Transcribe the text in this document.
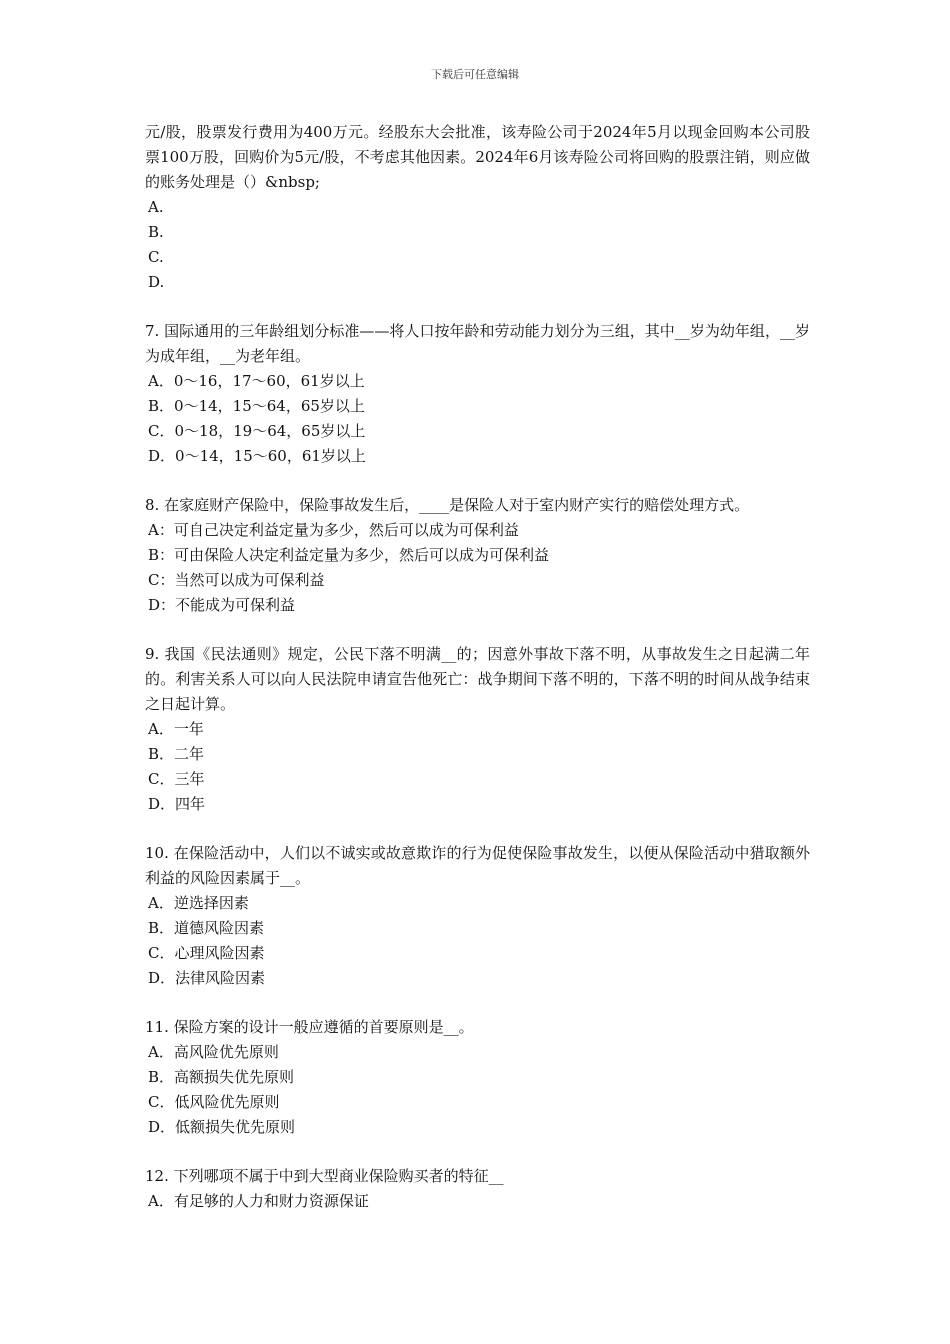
下载后可任意编辑

元/股，股票发行费用为400万元。经股东大会批准，该寿险公司于2024年5月以现金回购本公司股票100万股，回购价为5元/股，不考虑其他因素。2024年6月该寿险公司将回购的股票注销，则应做的账务处理是（）&nbsp;

A.

B.

C.

D.

7. 国际通用的三年龄组划分标准——将人口按年龄和劳动能力划分为三组，其中__岁为幼年组，__岁为成年组，__为老年组。

A．0～16，17～60，61岁以上

B．0～14，15～64，65岁以上

C．0～18，19～64，65岁以上

D．0～14，15～60，61岁以上

8. 在家庭财产保险中，保险事故发生后，____是保险人对于室内财产实行的赔偿处理方式。

A：可自己决定利益定量为多少，然后可以成为可保利益

B：可由保险人决定利益定量为多少，然后可以成为可保利益

C：当然可以成为可保利益

D：不能成为可保利益

9. 我国《民法通则》规定，公民下落不明满__的；因意外事故下落不明，从事故发生之日起满二年的。利害关系人可以向人民法院申请宣告他死亡：战争期间下落不明的，下落不明的时间从战争结束之日起计算。

A．一年

B．二年

C．三年

D．四年

10. 在保险活动中，人们以不诚实或故意欺诈的行为促使保险事故发生，以便从保险活动中猎取额外利益的风险因素属于__。

A．逆选择因素

B．道德风险因素

C．心理风险因素

D．法律风险因素

11. 保险方案的设计一般应遵循的首要原则是__。

A．高风险优先原则

B．高额损失优先原则

C．低风险优先原则

D．低额损失优先原则

12. 下列哪项不属于中到大型商业保险购买者的特征__

A．有足够的人力和财力资源保证
